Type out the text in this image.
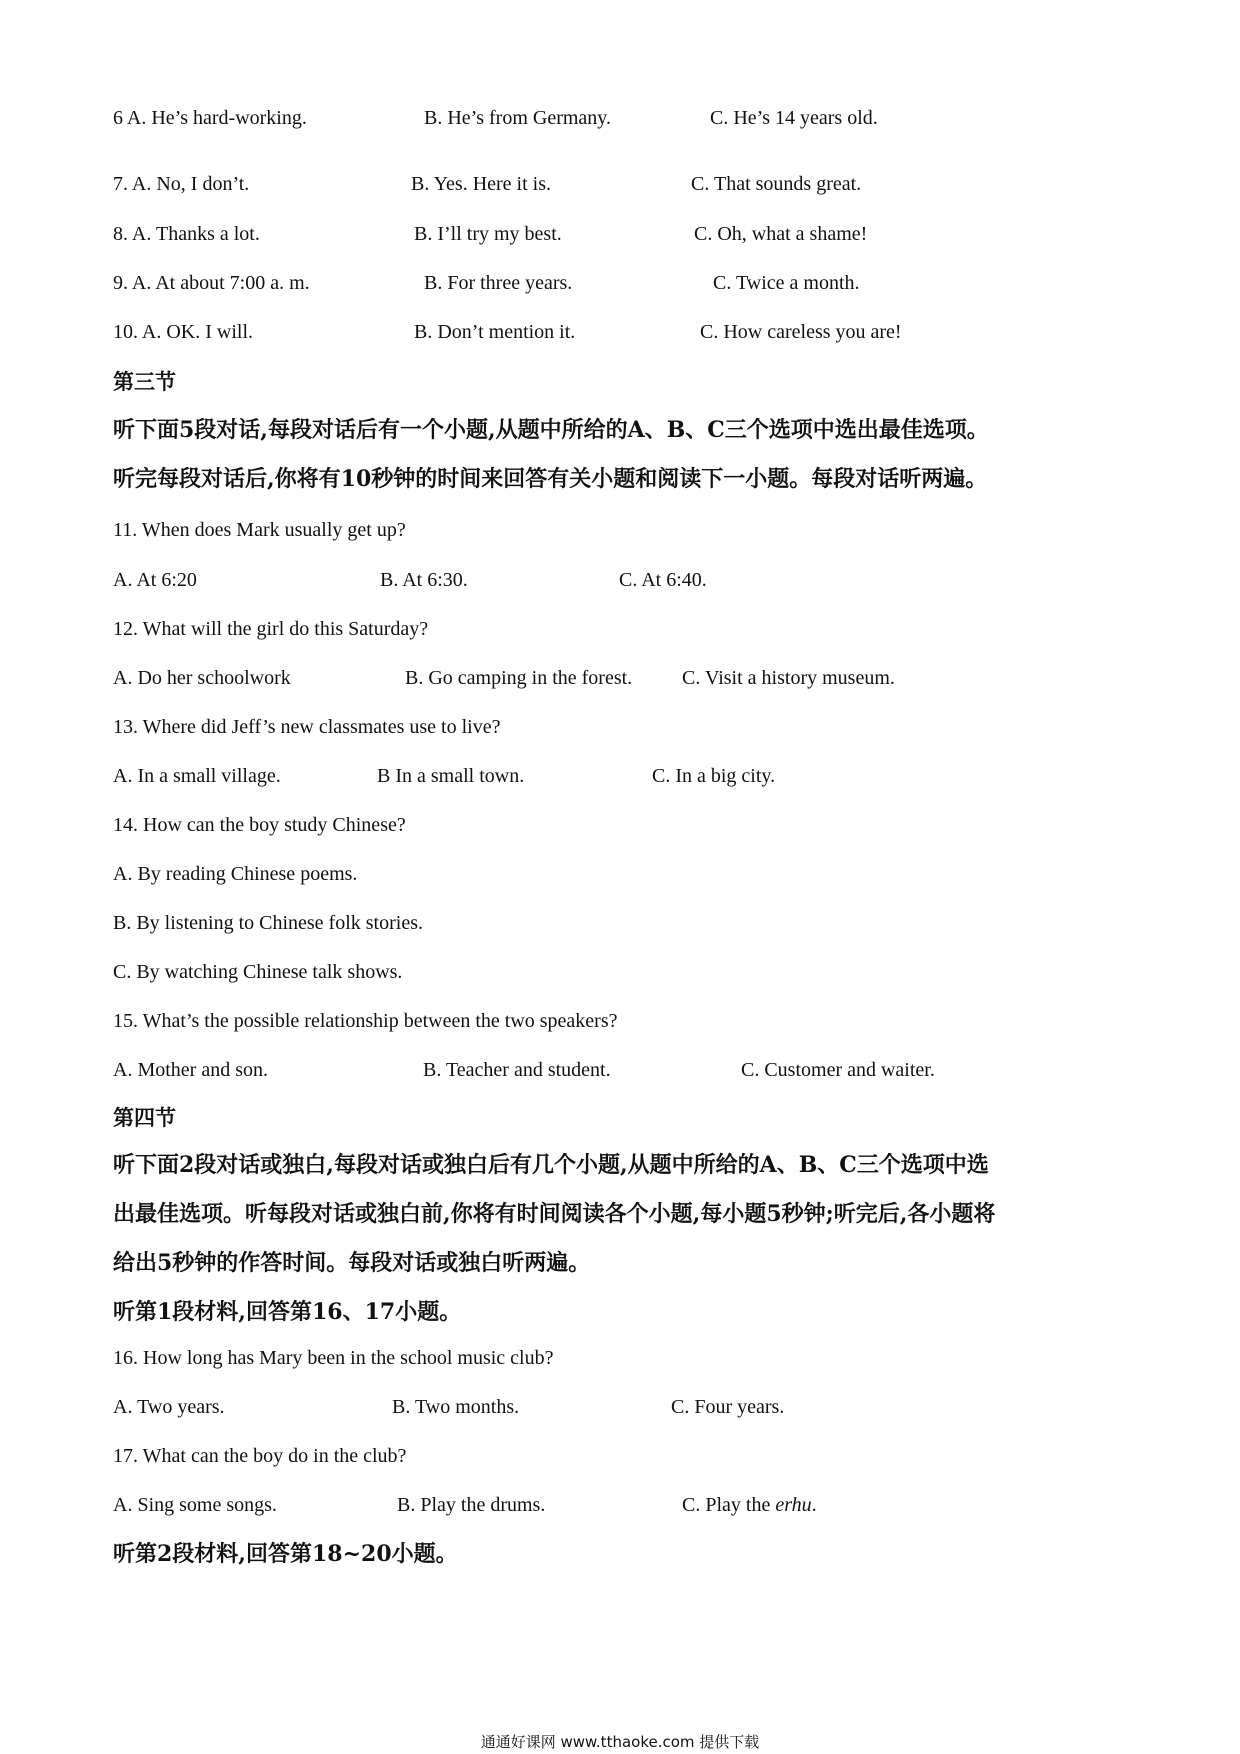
6 A. He’s hard-working.	B. He’s from Germany.	C. He’s 14 years old.
7. A. No, I don’t.	B. Yes. Here it is.	C. That sounds great.
8. A. Thanks a lot.	B. I’ll try my best.	C. Oh, what a shame!
9. A. At about 7:00 a. m.	B. For three years.	C. Twice a month.
10. A. OK. I will.	B. Don’t mention it.	C. How careless you are!
第三节
听下面5段对话,每段对话后有一个小题,从题中所给的A、B、C三个选项中选出最佳选项。
听完每段对话后,你将有10秒钟的时间来回答有关小题和阅读下一小题。每段对话听两遍。
11. When does Mark usually get up?
A. At 6:20	B. At 6:30.	C. At 6:40.
12. What will the girl do this Saturday?
A. Do her schoolwork	B. Go camping in the forest. C. Visit a history museum.
13. Where did Jeff’s new classmates use to live?
A. In a small village.	B In a small town.	C. In a big city.
14. How can the boy study Chinese?
A. By reading Chinese poems.
B. By listening to Chinese folk stories.
C. By watching Chinese talk shows.
15. What’s the possible relationship between the two speakers?
A. Mother and son.	B. Teacher and student.	C. Customer and waiter.
第四节
听下面2段对话或独白,每段对话或独白后有几个小题,从题中所给的A、B、C三个选项中选
出最佳选项。听每段对话或独白前,你将有时间阅读各个小题,每小题5秒钟;听完后,各小题将
给出5秒钟的作答时间。每段对话或独白听两遍。
听第1段材料,回答第16、17小题。
16. How long has Mary been in the school music club?
A. Two years.	B. Two months.	C. Four years.
17. What can the boy do in the club?
A. Sing some songs.	B. Play the drums.	C. Play the erhu.
听第2段材料,回答第18~20小题。
通通好课网 www.tthaoke.com 提供下载
